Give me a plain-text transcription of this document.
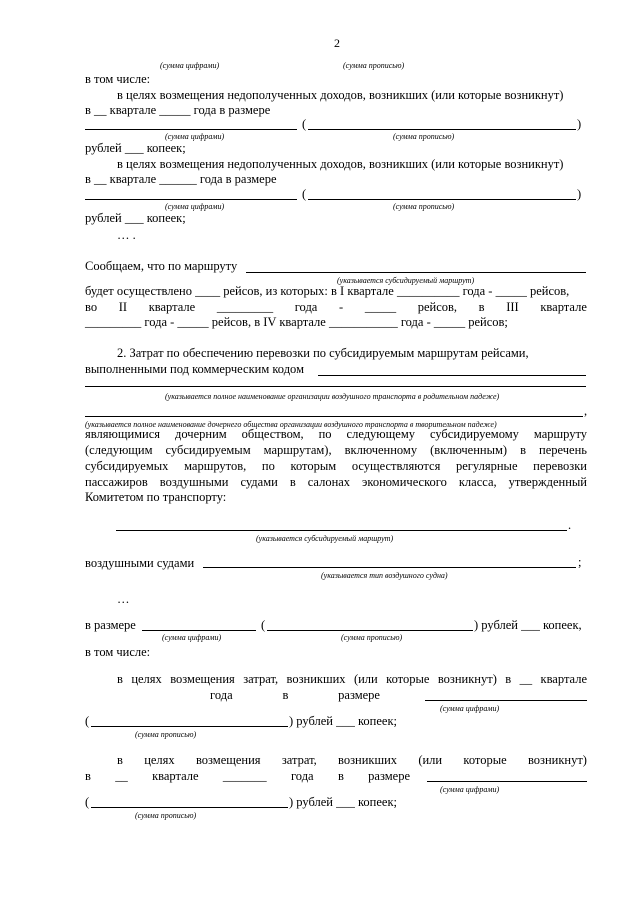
2
(сумма цифрами)	(сумма прописью)
в том числе:
в целях возмещения недополученных доходов, возникших (или которые возникнут)
в __ квартале _____ года в размере
(	)
(сумма цифрами)	(сумма прописью)
рублей ___ копеек;
в целях возмещения недополученных доходов, возникших (или которые возникнут)
в __ квартале ______ года в размере
(	)
(сумма цифрами)	(сумма прописью)
рублей ___ копеек;
… .
Сообщаем, что по маршруту
(указывается субсидируемый маршрут)
будет осуществлено ____ рейсов, из которых: в I квартале __________ года - _____ рейсов,
во II квартале _________ года - _____ рейсов, в III квартале
_________ года - _____ рейсов, в IV квартале ___________ года - _____ рейсов;
2. Затрат по обеспечению перевозки по субсидируемым маршрутам рейсами,
выполненными под коммерческим кодом
(указывается полное наименование организации воздушного транспорта в родительном падеже)
,
(указывается полное наименование дочернего общества организации воздушного транспорта в творительном падеже)
являющимися дочерним обществом, по следующему субсидируемому маршруту
(следующим субсидируемым маршрутам), включенному (включенным) в перечень
субсидируемых маршрутов, по которым осуществляются регулярные перевозки
пассажиров воздушными судами в салонах экономического класса, утвержденный
Комитетом по транспорту:
.
(указывается субсидируемый маршрут)
воздушными судами	;
(указывается тип воздушного судна)
…
в размере	(	) рублей ___ копеек,
(сумма цифрами)	(сумма прописью)
в том числе:
в целях возмещения затрат, возникших (или которые возникнут) в __ квартале
года	в	размере
(сумма цифрами)
(	) рублей ___ копеек;
(сумма прописью)
в целях возмещения затрат, возникших (или которые возникнут)
в __ квартале _______ года в размере
(сумма цифрами)
(	) рублей ___ копеек;
(сумма прописью)
